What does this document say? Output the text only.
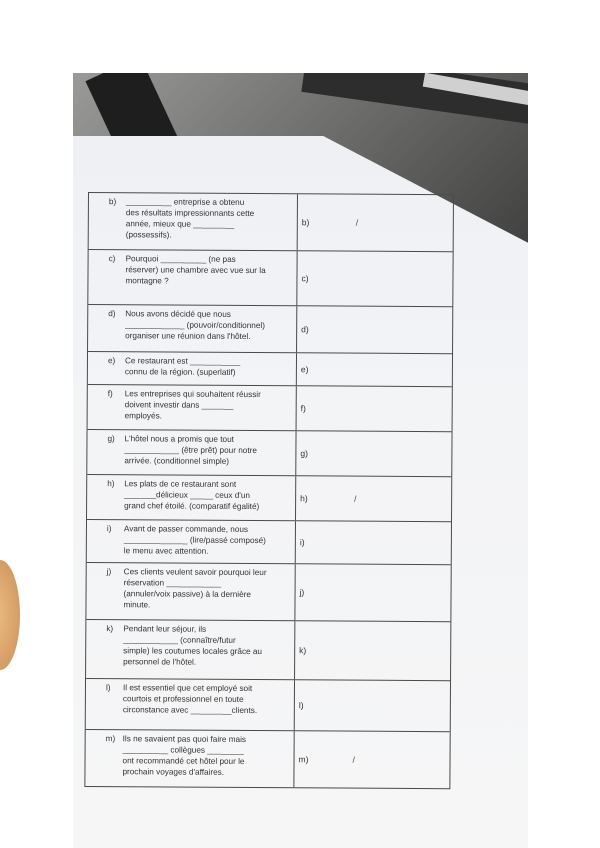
b) __________ entreprise a obtenu
des résultats impressionnants cette
année, mieux que _________
(possessifs).
b)	/
c) Pourquoi __________ (ne pas
réserver) une chambre avec vue sur la
montagne ?	c)
d) Nous avons décidé que nous
_____________ (pouvoir/conditionnel)
organiser une réunion dans l'hôtel.
d)
e) Ce restaurant est ___________
connu de la région. (superlatif)	e)
f) Les entreprises qui souhaitent réussir
doivent investir dans _______
employés.
f)
g) L'hôtel nous a promis que tout
____________ (être prêt) pour notre
arrivée. (conditionnel simple)
g)
h) Les plats de ce restaurant sont
_______délicieux _____ ceux d'un
grand chef étoilé. (comparatif égalité)
h)	/
i) Avant de passer commande, nous
______________ (lire/passé composé)
le menu avec attention.
i)
j) Ces clients veulent savoir pourquoi leur
réservation ____________
(annuler/voix passive) à la dernière
minute.
j)
k) Pendant leur séjour, ils
____________ (connaître/futur
simple) les coutumes locales grâce au
personnel de l'hôtel.
k)
l) Il est essentiel que cet employé soit
courtois et professionnel en toute
circonstance avec _________clients.	l)
m) Ils ne savaient pas quoi faire mais
__________ collègues ________
ont recommandé cet hôtel pour le
prochain voyages d'affaires.
m)	/
